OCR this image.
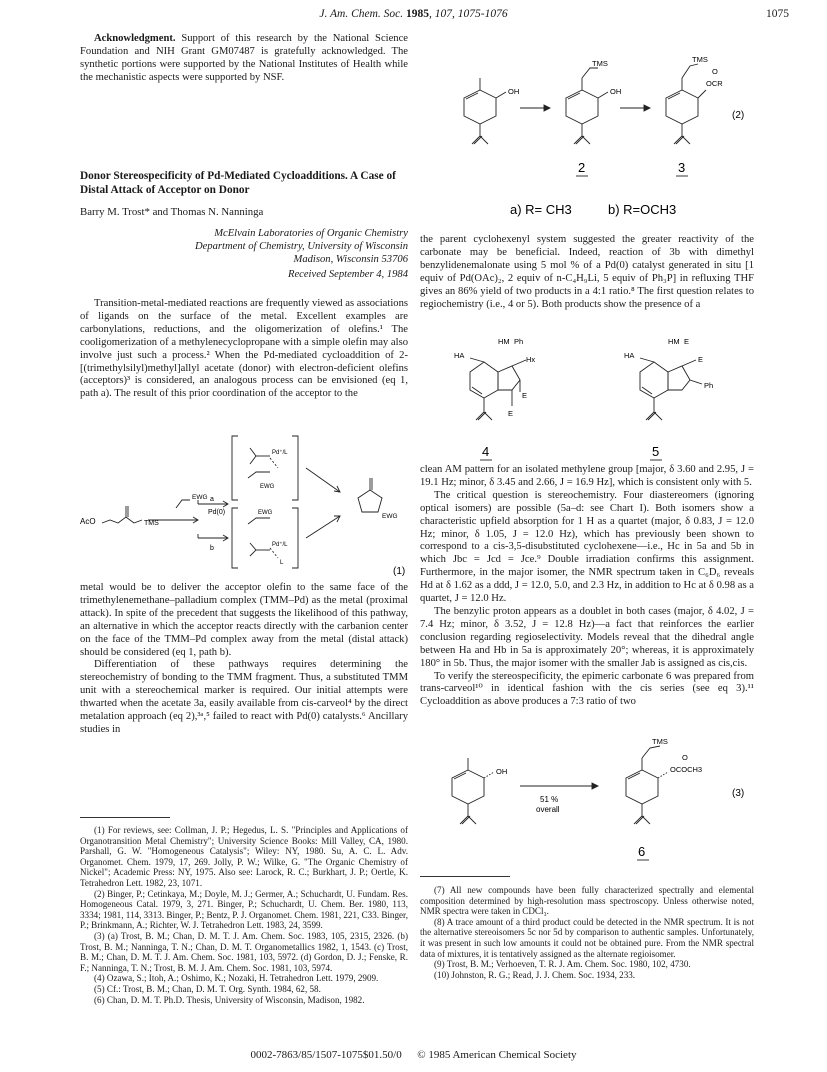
J. Am. Chem. Soc. 1985, 107, 1075-1076	1075

Acknowledgment. Support of this research by the National Science Foundation and NIH Grant GM07487 is gratefully acknowledged. The synthetic portions were supported by the National Institutes of Health while the mechanistic aspects were supported by NSF.

Donor Stereospecificity of Pd-Mediated Cycloadditions. A Case of Distal Attack of Acceptor on Donor

Barry M. Trost* and Thomas N. Nanninga

McElvain Laboratories of Organic Chemistry

Department of Chemistry, University of Wisconsin

Madison, Wisconsin 53706

Received September 4, 1984

Transition-metal-mediated reactions are frequently viewed as associations of ligands on the surface of the metal. Excellent examples are carbonylations, reductions, and the oligomerization of olefins.¹ The cooligomerization of a methylenecyclopropane with a simple olefin may also involve just such a process.² When the Pd-mediated cycloaddition of 2-[(trimethylsilyl)methyl]allyl acetate (donor) with electron-deficient olefins (acceptors)³ is considered, an analogous process can be envisioned (eq 1, path a). The result of this prior coordination of the acceptor to the

AcO	TMS
EWG
Pd(0)
a
b
Pd⁺/L
EWG
EWG
Pd⁺/L
L
EWG
(1)

metal would be to deliver the acceptor olefin to the same face of the trimethylenemethane–palladium complex (TMM–Pd) as the metal (proximal attack). In spite of the precedent that suggests the likelihood of this pathway, an alternative in which the acceptor reacts directly with the carbanion center on the face of the TMM–Pd complex away from the metal (distal attack) should be considered (eq 1, path b).

Differentiation of these pathways requires determining the stereochemistry of bonding to the TMM fragment. Thus, a substituted TMM unit with a stereochemical marker is required. Our initial attempts were thwarted when the acetate 3a, easily available from cis-carveol⁴ by the direct metalation approach (eq 2),³ᵃ,⁵ failed to react with Pd(0) catalysts.⁶ Ancillary studies in

(1) For reviews, see: Collman, J. P.; Hegedus, L. S. "Principles and Applications of Organotransition Metal Chemistry"; University Science Books: Mill Valley, CA, 1980. Parshall, G. W. "Homogeneous Catalysis"; Wiley: NY, 1980. Su, A. C. L. Adv. Organomet. Chem. 1979, 17, 269. Jolly, P. W.; Wilke, G. "The Organic Chemistry of Nickel"; Academic Press: NY, 1975. Also see: Larock, R. C.; Burkhart, J. P.; Oertle, K. Tetrahedron Lett. 1982, 23, 1071.

(2) Binger, P.; Cetinkaya, M.; Doyle, M. J.; Germer, A.; Schuchardt, U. Fundam. Res. Homogeneous Catal. 1979, 3, 271. Binger, P.; Schuchardt, U. Chem. Ber. 1980, 113, 3334; 1981, 114, 3313. Binger, P.; Bentz, P. J. Organomet. Chem. 1981, 221, C33. Binger, P.; Brinkmann, A.; Richter, W. J. Tetrahedron Lett. 1983, 24, 3599.

(3) (a) Trost, B. M.; Chan, D. M. T. J. Am. Chem. Soc. 1983, 105, 2315, 2326. (b) Trost, B. M.; Nanninga, T. N.; Chan, D. M. T. Organometallics 1982, 1, 1543. (c) Trost, B. M.; Chan, D. M. T. J. Am. Chem. Soc. 1981, 103, 5972. (d) Gordon, D. J.; Fenske, R. F.; Nanninga, T. N.; Trost, B. M. J. Am. Chem. Soc. 1981, 103, 5974.

(4) Ozawa, S.; Itoh, A.; Oshimo, K.; Nozaki, H. Tetrahedron Lett. 1979, 2909.

(5) Cf.: Trost, B. M.; Chan, D. M. T. Org. Synth. 1984, 62, 58.

(6) Chan, D. M. T. Ph.D. Thesis, University of Wisconsin, Madison, 1982.

OH
TMS
OH
TMS
O
OCR
2	3
(2)
a) R= CH3	b) R=OCH3

the parent cyclohexenyl system suggested the greater reactivity of the carbonate may be beneficial. Indeed, reaction of 3b with dimethyl benzylidenemalonate using 5 mol % of a Pd(0) catalyst generated in situ [1 equiv of Pd(OAc)₂, 2 equiv of n-C₄H₉Li, 5 equiv of Ph₃P] in refluxing THF gives an 86% yield of two products in a 4:1 ratio.⁸ The first question relates to regiochemistry (i.e., 4 or 5). Both products show the presence of a

HM Ph
HA	Hx
E
E
HM E
HA	E
Ph
4	5

clean AM pattern for an isolated methylene group [major, δ 3.60 and 2.95, J = 19.1 Hz; minor, δ 3.45 and 2.66, J = 16.9 Hz], which is consistent only with 5.

The critical question is stereochemistry. Four diastereomers (ignoring optical isomers) are possible (5a–d: see Chart I). Both isomers show a characteristic upfield absorption for 1 H as a quartet (major, δ 0.83, J = 12.0 Hz; minor, δ 1.05, J = 12.0 Hz), which has previously been shown to correspond to a cis-3,5-disubstituted cyclohexene—i.e., Hc in 5a and 5b in which Jbc = Jcd = Jce.⁹ Double irradiation confirms this assignment. Furthermore, in the major isomer, the NMR spectrum taken in C₆D₆ reveals Hd at δ 1.62 as a ddd, J = 12.0, 5.0, and 2.3 Hz, in addition to Hc at δ 0.98 as a quartet, J = 12.0 Hz.

The benzylic proton appears as a doublet in both cases (major, δ 4.02, J = 7.4 Hz; minor, δ 3.52, J = 12.8 Hz)—a fact that reinforces the earlier conclusion regarding regioselectivity. Models reveal that the dihedral angle between Ha and Hb in 5a is approximately 20°; whereas, it is approximately 180° in 5b. Thus, the major isomer with the smaller Jab is assigned as cis,cis.

To verify the stereospecificity, the epimeric carbonate 6 was prepared from trans-carveol¹⁰ in identical fashion with the cis series (see eq 3).¹¹ Cycloaddition as above produces a 7:3 ratio of two

OH
TMS
O
OCOCH3
51 %
overall
6
(3)

(7) All new compounds have been fully characterized spectrally and elemental composition determined by high-resolution mass spectroscopy. Unless otherwise noted, NMR spectra were taken in CDCl₃.

(8) A trace amount of a third product could be detected in the NMR spectrum. It is not the alternative stereoisomers 5c nor 5d by comparison to authentic samples. Unfortunately, it was present in such low amounts it could not be obtained pure. From the NMR spectral data of mixtures, it is tentatively assigned as the alternate regioisomer.

(9) Trost, B. M.; Verhoeven, T. R. J. Am. Chem. Soc. 1980, 102, 4730.

(10) Johnston, R. G.; Read, J. J. Chem. Soc. 1934, 233.

0002-7863/85/1507-1075$01.50/0 © 1985 American Chemical Society
